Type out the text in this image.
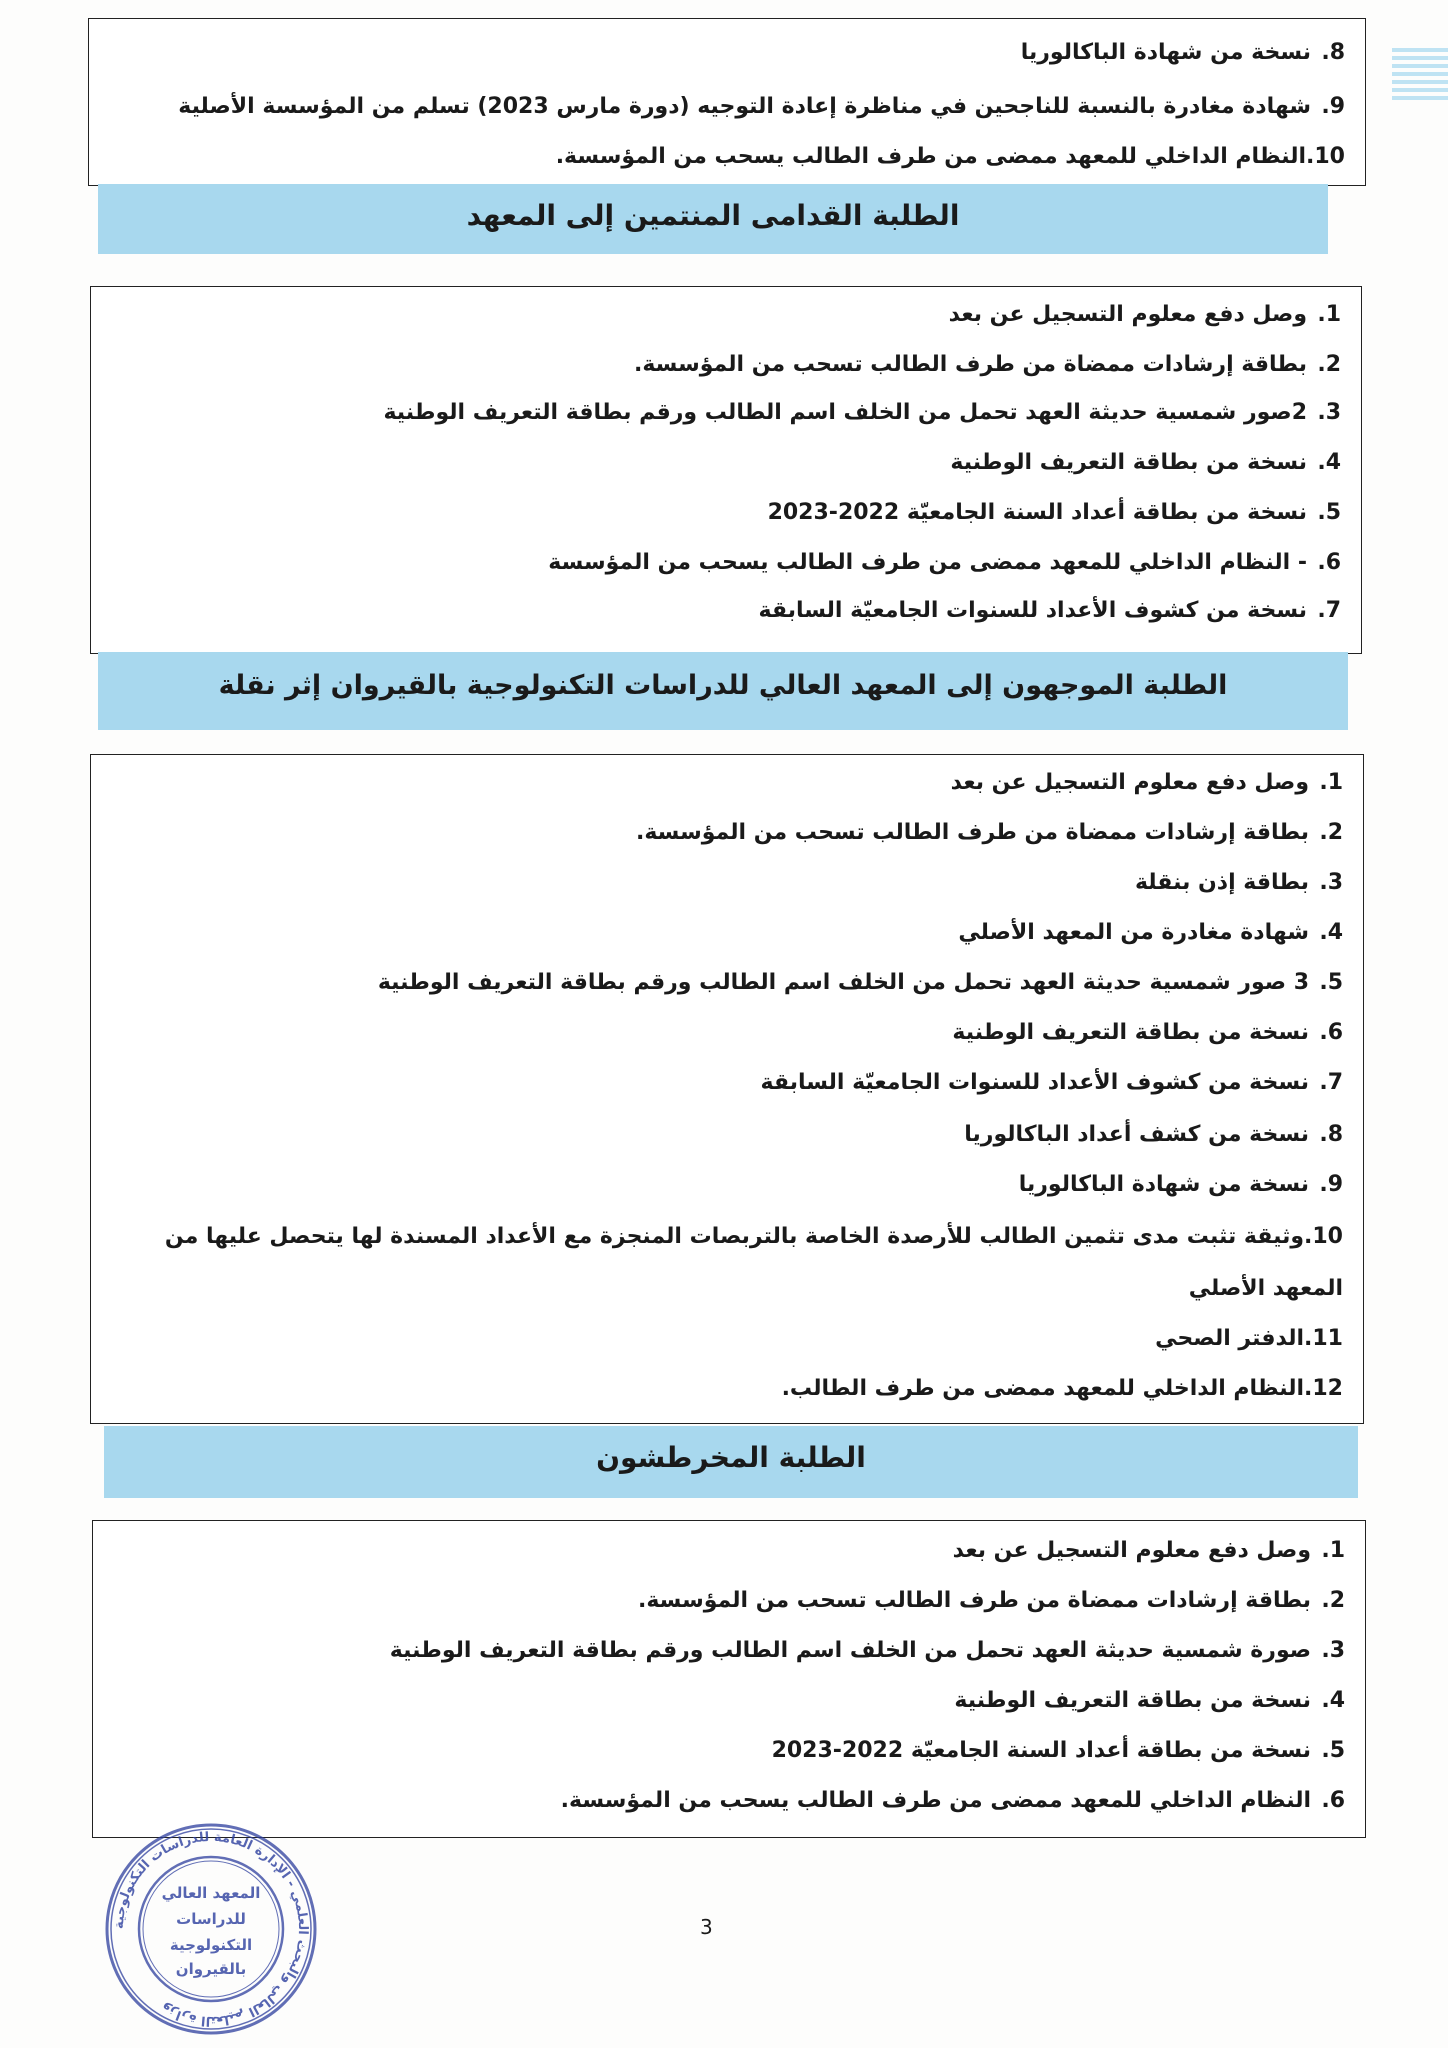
8.نسخة من شهادة الباكالوريا
9.شهادة مغادرة بالنسبة للناجحين في مناظرة إعادة التوجيه (دورة مارس 2023) تسلم من المؤسسة الأصلية
10.النظام الداخلي للمعهد ممضى من طرف الطالب يسحب من المؤسسة.
الطلبة القدامى المنتمين إلى المعهد
1.وصل دفع معلوم التسجيل عن بعد
2.بطاقة إرشادات ممضاة من طرف الطالب تسحب من المؤسسة.
3.2صور شمسية حديثة العهد تحمل من الخلف اسم الطالب ورقم بطاقة التعريف الوطنية
4.نسخة من بطاقة التعريف الوطنية
5.نسخة من بطاقة أعداد السنة الجامعيّة 2022-2023
6.- النظام الداخلي للمعهد ممضى من طرف الطالب يسحب من المؤسسة
7.نسخة من كشوف الأعداد للسنوات الجامعيّة السابقة
الطلبة الموجهون إلى المعهد العالي للدراسات التكنولوجية بالقيروان إثر نقلة
1.وصل دفع معلوم التسجيل عن بعد
2.بطاقة إرشادات ممضاة من طرف الطالب تسحب من المؤسسة.
3.بطاقة إذن بنقلة
4.شهادة مغادرة من المعهد الأصلي
5.3 صور شمسية حديثة العهد تحمل من الخلف اسم الطالب ورقم بطاقة التعريف الوطنية
6.نسخة من بطاقة التعريف الوطنية
7.نسخة من كشوف الأعداد للسنوات الجامعيّة السابقة
8.نسخة من كشف أعداد الباكالوريا
9.نسخة من شهادة الباكالوريا
10.وثيقة تثبت مدى تثمين الطالب للأرصدة الخاصة بالتربصات المنجزة مع الأعداد المسندة لها يتحصل عليها من المعهد الأصلي
11.الدفتر الصحي
12.النظام الداخلي للمعهد ممضى من طرف الطالب.
الطلبة المخرطشون
1.وصل دفع معلوم التسجيل عن بعد
2.بطاقة إرشادات ممضاة من طرف الطالب تسحب من المؤسسة.
3.صورة شمسية حديثة العهد تحمل من الخلف اسم الطالب ورقم بطاقة التعريف الوطنية
4.نسخة من بطاقة التعريف الوطنية
5.نسخة من بطاقة أعداد السنة الجامعيّة 2022-2023
6.النظام الداخلي للمعهد ممضى من طرف الطالب يسحب من المؤسسة.
وزارة التعليم العالي والبحث العلمي - الإدارة العامة للدراسات التكنولوجية
المعهد العالي
للدراسات
التكنولوجية
بالقيروان
3
